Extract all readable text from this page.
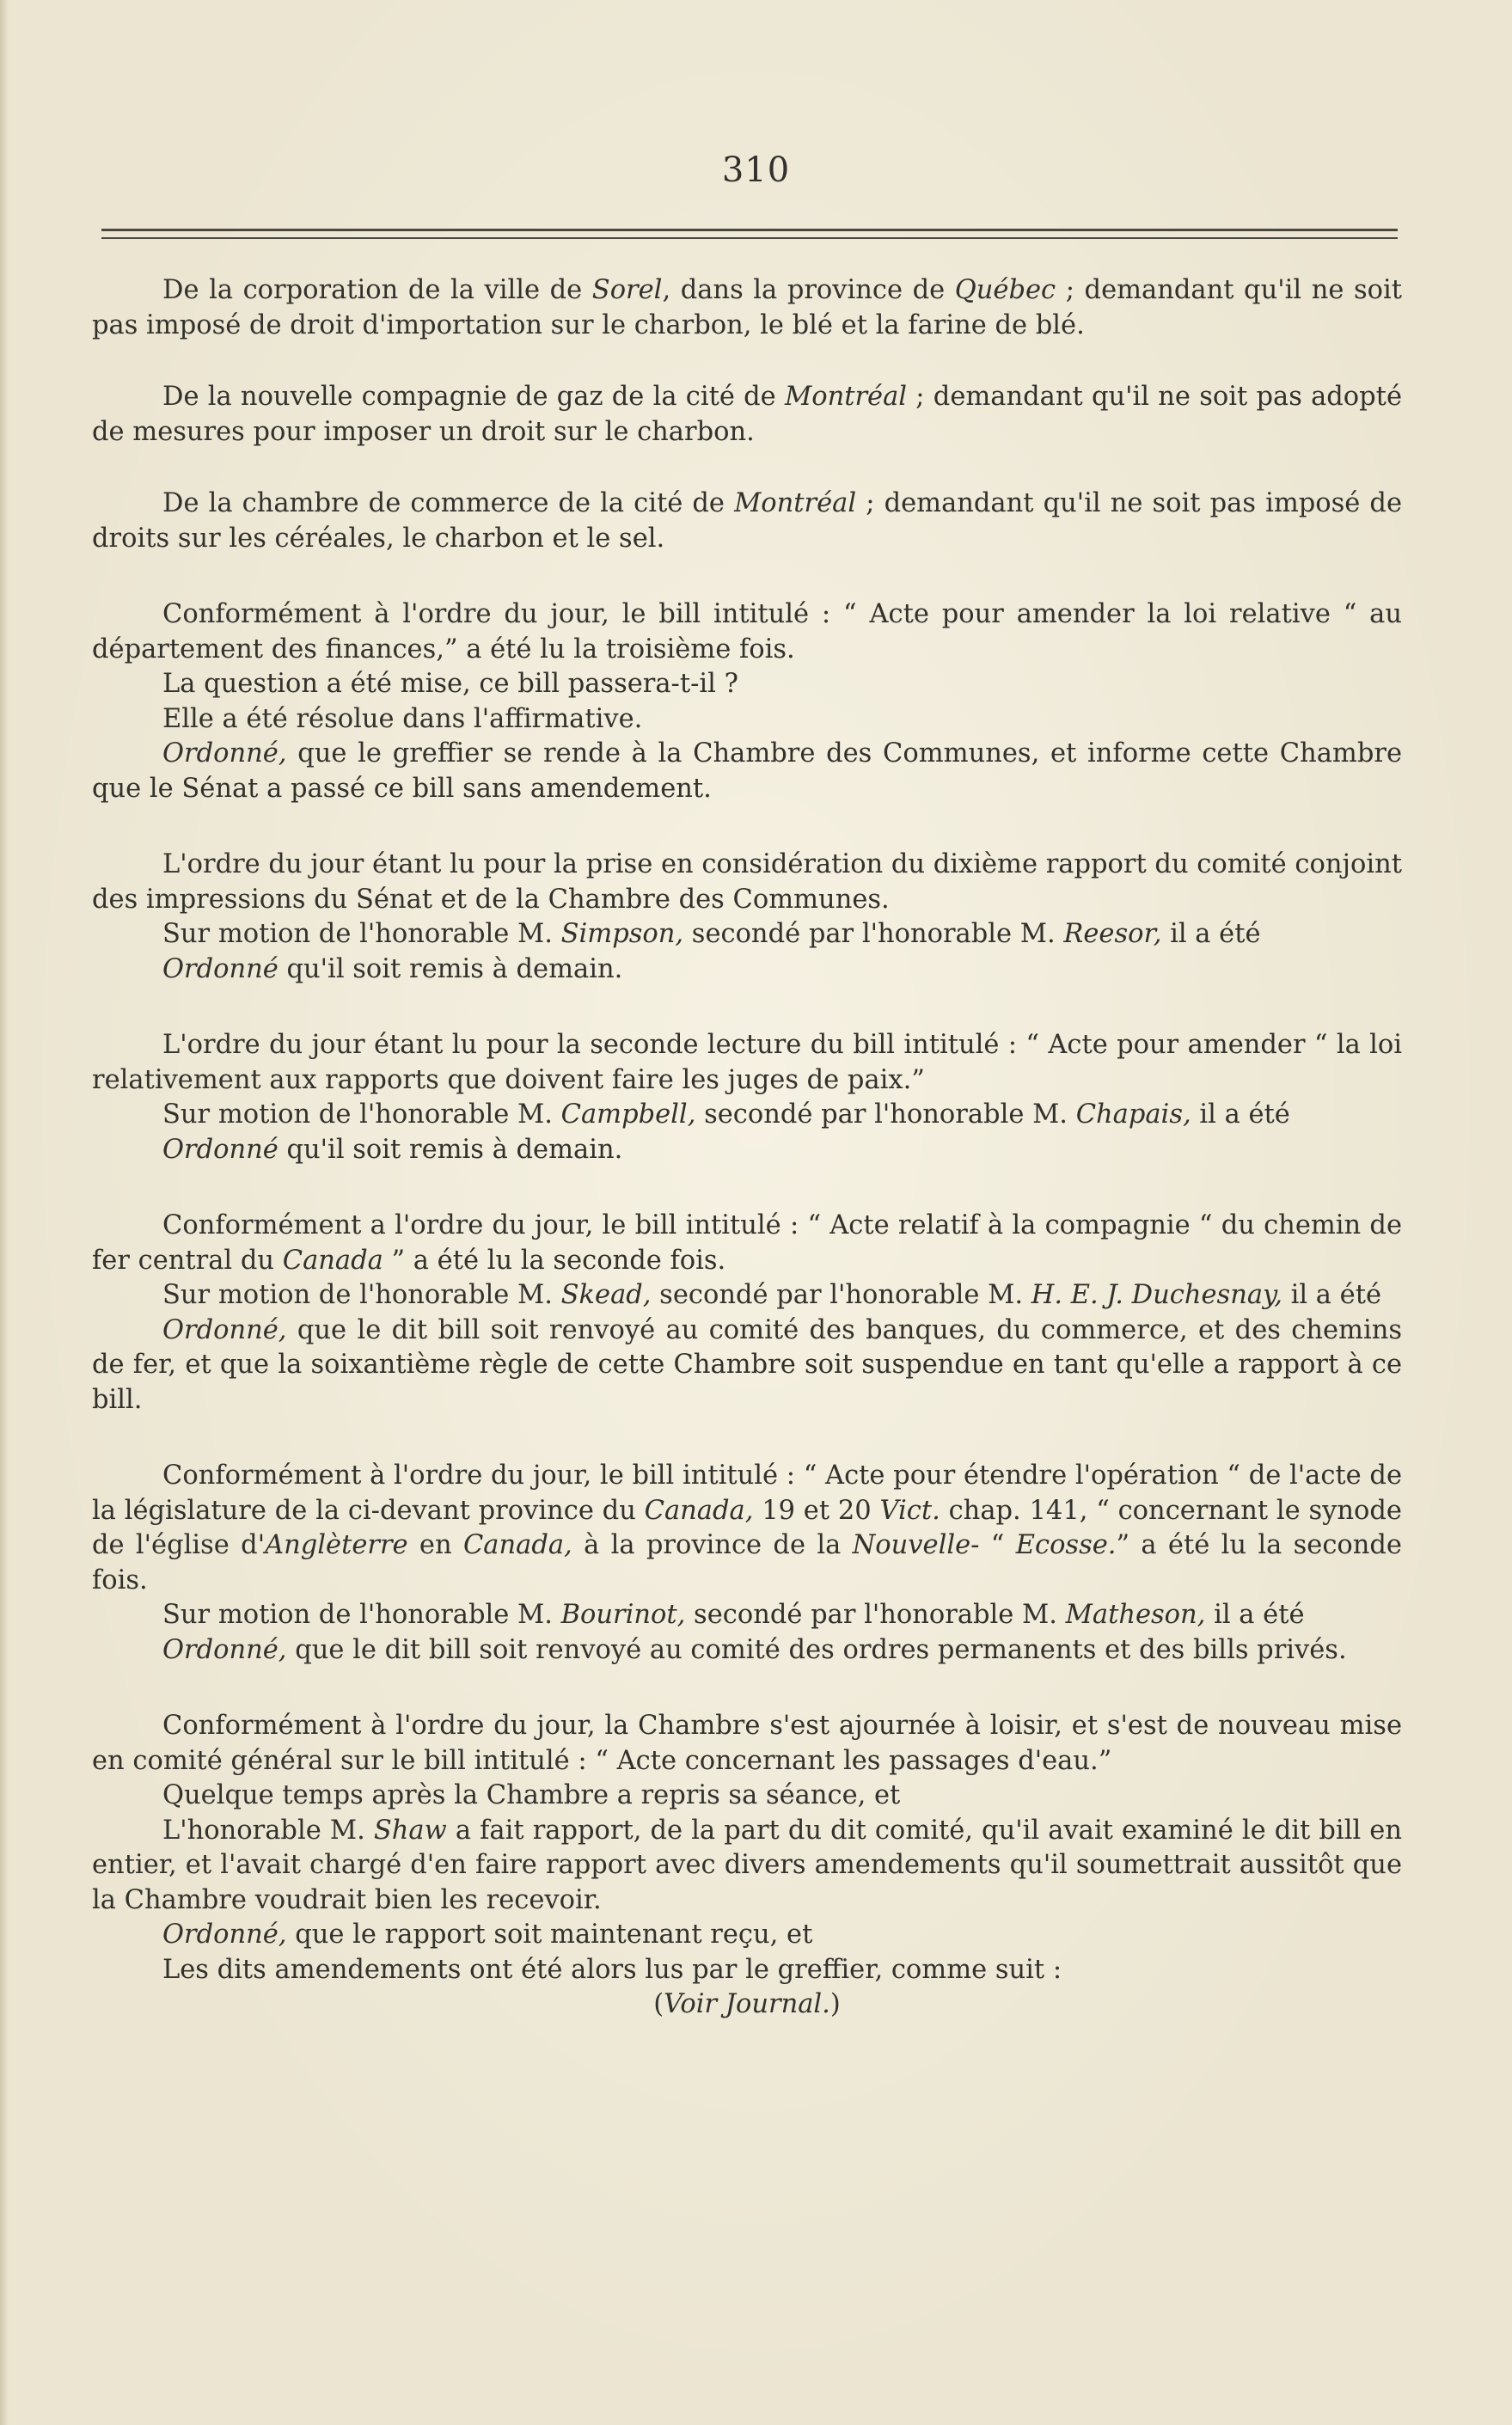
310

De la corporation de la ville de Sorel, dans la province de Québec ; demandant qu'il ne soit pas imposé de droit d'importation sur le charbon, le blé et la farine de blé.

De la nouvelle compagnie de gaz de la cité de Montréal ; demandant qu'il ne soit pas adopté de mesures pour imposer un droit sur le charbon.

De la chambre de commerce de la cité de Montréal ; demandant qu'il ne soit pas imposé de droits sur les céréales, le charbon et le sel.

Conformément à l'ordre du jour, le bill intitulé : “ Acte pour amender la loi relative “ au département des finances,” a été lu la troisième fois.

La question a été mise, ce bill passera-t-il ?

Elle a été résolue dans l'affirmative.

Ordonné, que le greffier se rende à la Chambre des Communes, et informe cette Chambre que le Sénat a passé ce bill sans amendement.

L'ordre du jour étant lu pour la prise en considération du dixième rapport du comité conjoint des impressions du Sénat et de la Chambre des Communes.

Sur motion de l'honorable M. Simpson, secondé par l'honorable M. Reesor, il a été

Ordonné qu'il soit remis à demain.

L'ordre du jour étant lu pour la seconde lecture du bill intitulé : “ Acte pour amender “ la loi relativement aux rapports que doivent faire les juges de paix.”

Sur motion de l'honorable M. Campbell, secondé par l'honorable M. Chapais, il a été

Ordonné qu'il soit remis à demain.

Conformément a l'ordre du jour, le bill intitulé : “ Acte relatif à la compagnie “ du chemin de fer central du Canada ” a été lu la seconde fois.

Sur motion de l'honorable M. Skead, secondé par l'honorable M. H. E. J. Duchesnay, il a été

Ordonné, que le dit bill soit renvoyé au comité des banques, du commerce, et des chemins de fer, et que la soixantième règle de cette Chambre soit suspendue en tant qu'elle a rapport à ce bill.

Conformément à l'ordre du jour, le bill intitulé : “ Acte pour étendre l'opération “ de l'acte de la législature de la ci-devant province du Canada, 19 et 20 Vict. chap. 141, “ concernant le synode de l'église d'Anglèterre en Canada, à la province de la Nouvelle- “ Ecosse.” a été lu la seconde fois.

Sur motion de l'honorable M. Bourinot, secondé par l'honorable M. Matheson, il a été

Ordonné, que le dit bill soit renvoyé au comité des ordres permanents et des bills privés.

Conformément à l'ordre du jour, la Chambre s'est ajournée à loisir, et s'est de nouveau mise en comité général sur le bill intitulé : “ Acte concernant les passages d'eau.”

Quelque temps après la Chambre a repris sa séance, et

L'honorable M. Shaw a fait rapport, de la part du dit comité, qu'il avait examiné le dit bill en entier, et l'avait chargé d'en faire rapport avec divers amendements qu'il soumettrait aussitôt que la Chambre voudrait bien les recevoir.

Ordonné, que le rapport soit maintenant reçu, et

Les dits amendements ont été alors lus par le greffier, comme suit :

(Voir Journal.)
